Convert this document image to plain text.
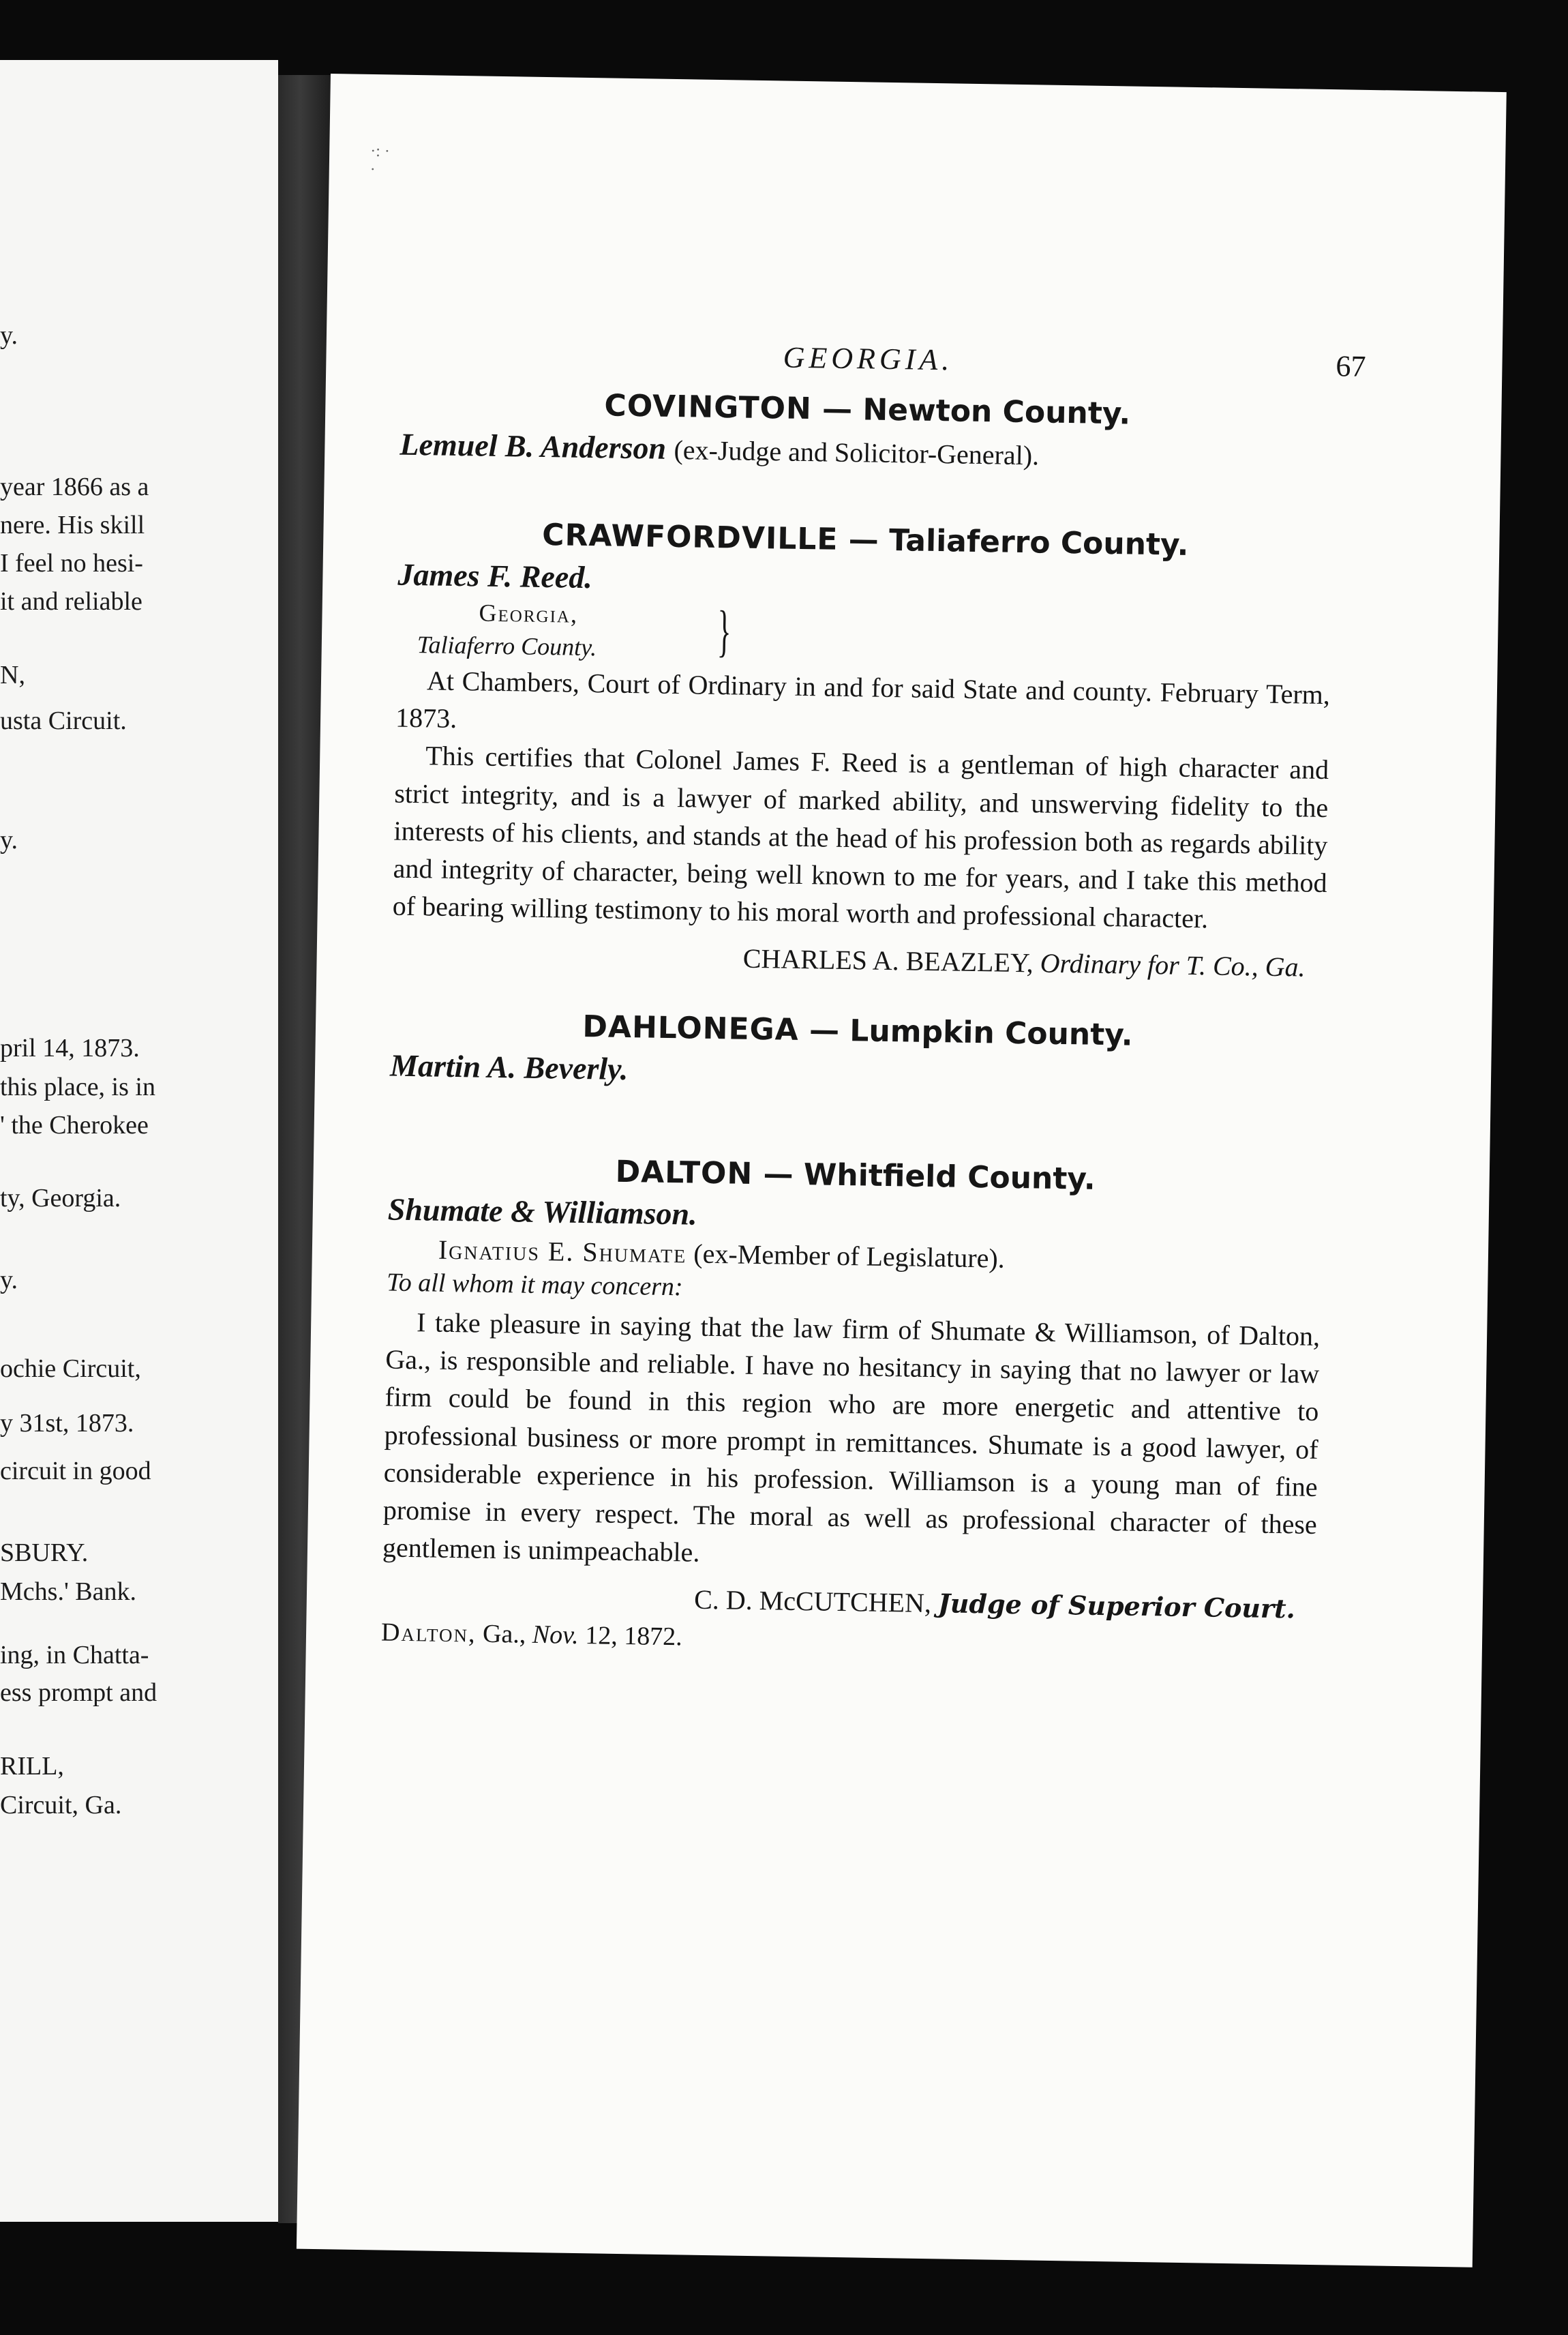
y.
year 1866 as a
nere. His skill
I feel no hesi-
it and reliable
N,
usta Circuit.
y.
pril 14, 1873.
this place, is in
' the Cherokee
ty, Georgia.
y.
ochie Circuit,
y 31st, 1873.
circuit in good
SBURY.
Mchs.' Bank.
ing, in Chatta-
ess prompt and
RILL,
Circuit, Ga.
·: ·
·
GEORGIA.	67

COVINGTON — Newton County.

Lemuel B. Anderson (ex-Judge and Solicitor-General).

CRAWFORDVILLE — Taliaferro County.

James F. Reed.

Georgia,
Taliaferro County.	}

At Chambers, Court of Ordinary in and for said State and county. February Term, 1873.

This certifies that Colonel James F. Reed is a gentleman of high character and strict integrity, and is a lawyer of marked ability, and unswerving fidelity to the interests of his clients, and stands at the head of his profession both as regards ability and integrity of character, being well known to me for years, and I take this method of bearing willing testimony to his moral worth and professional character.

CHARLES A. BEAZLEY, Ordinary for T. Co., Ga.

DAHLONEGA — Lumpkin County.

Martin A. Beverly.

DALTON — Whitfield County.

Shumate & Williamson.

Ignatius E. Shumate (ex-Member of Legislature).

To all whom it may concern:

I take pleasure in saying that the law firm of Shumate & Williamson, of Dalton, Ga., is responsible and reliable. I have no hesitancy in saying that no lawyer or law firm could be found in this region who are more energetic and attentive to professional business or more prompt in remittances. Shumate is a good lawyer, of considerable experience in his profession. Williamson is a young man of fine promise in every respect. The moral as well as professional character of these gentlemen is unimpeachable.

C. D. McCUTCHEN, Judge of Superior Court.

Dalton, Ga., Nov. 12, 1872.
